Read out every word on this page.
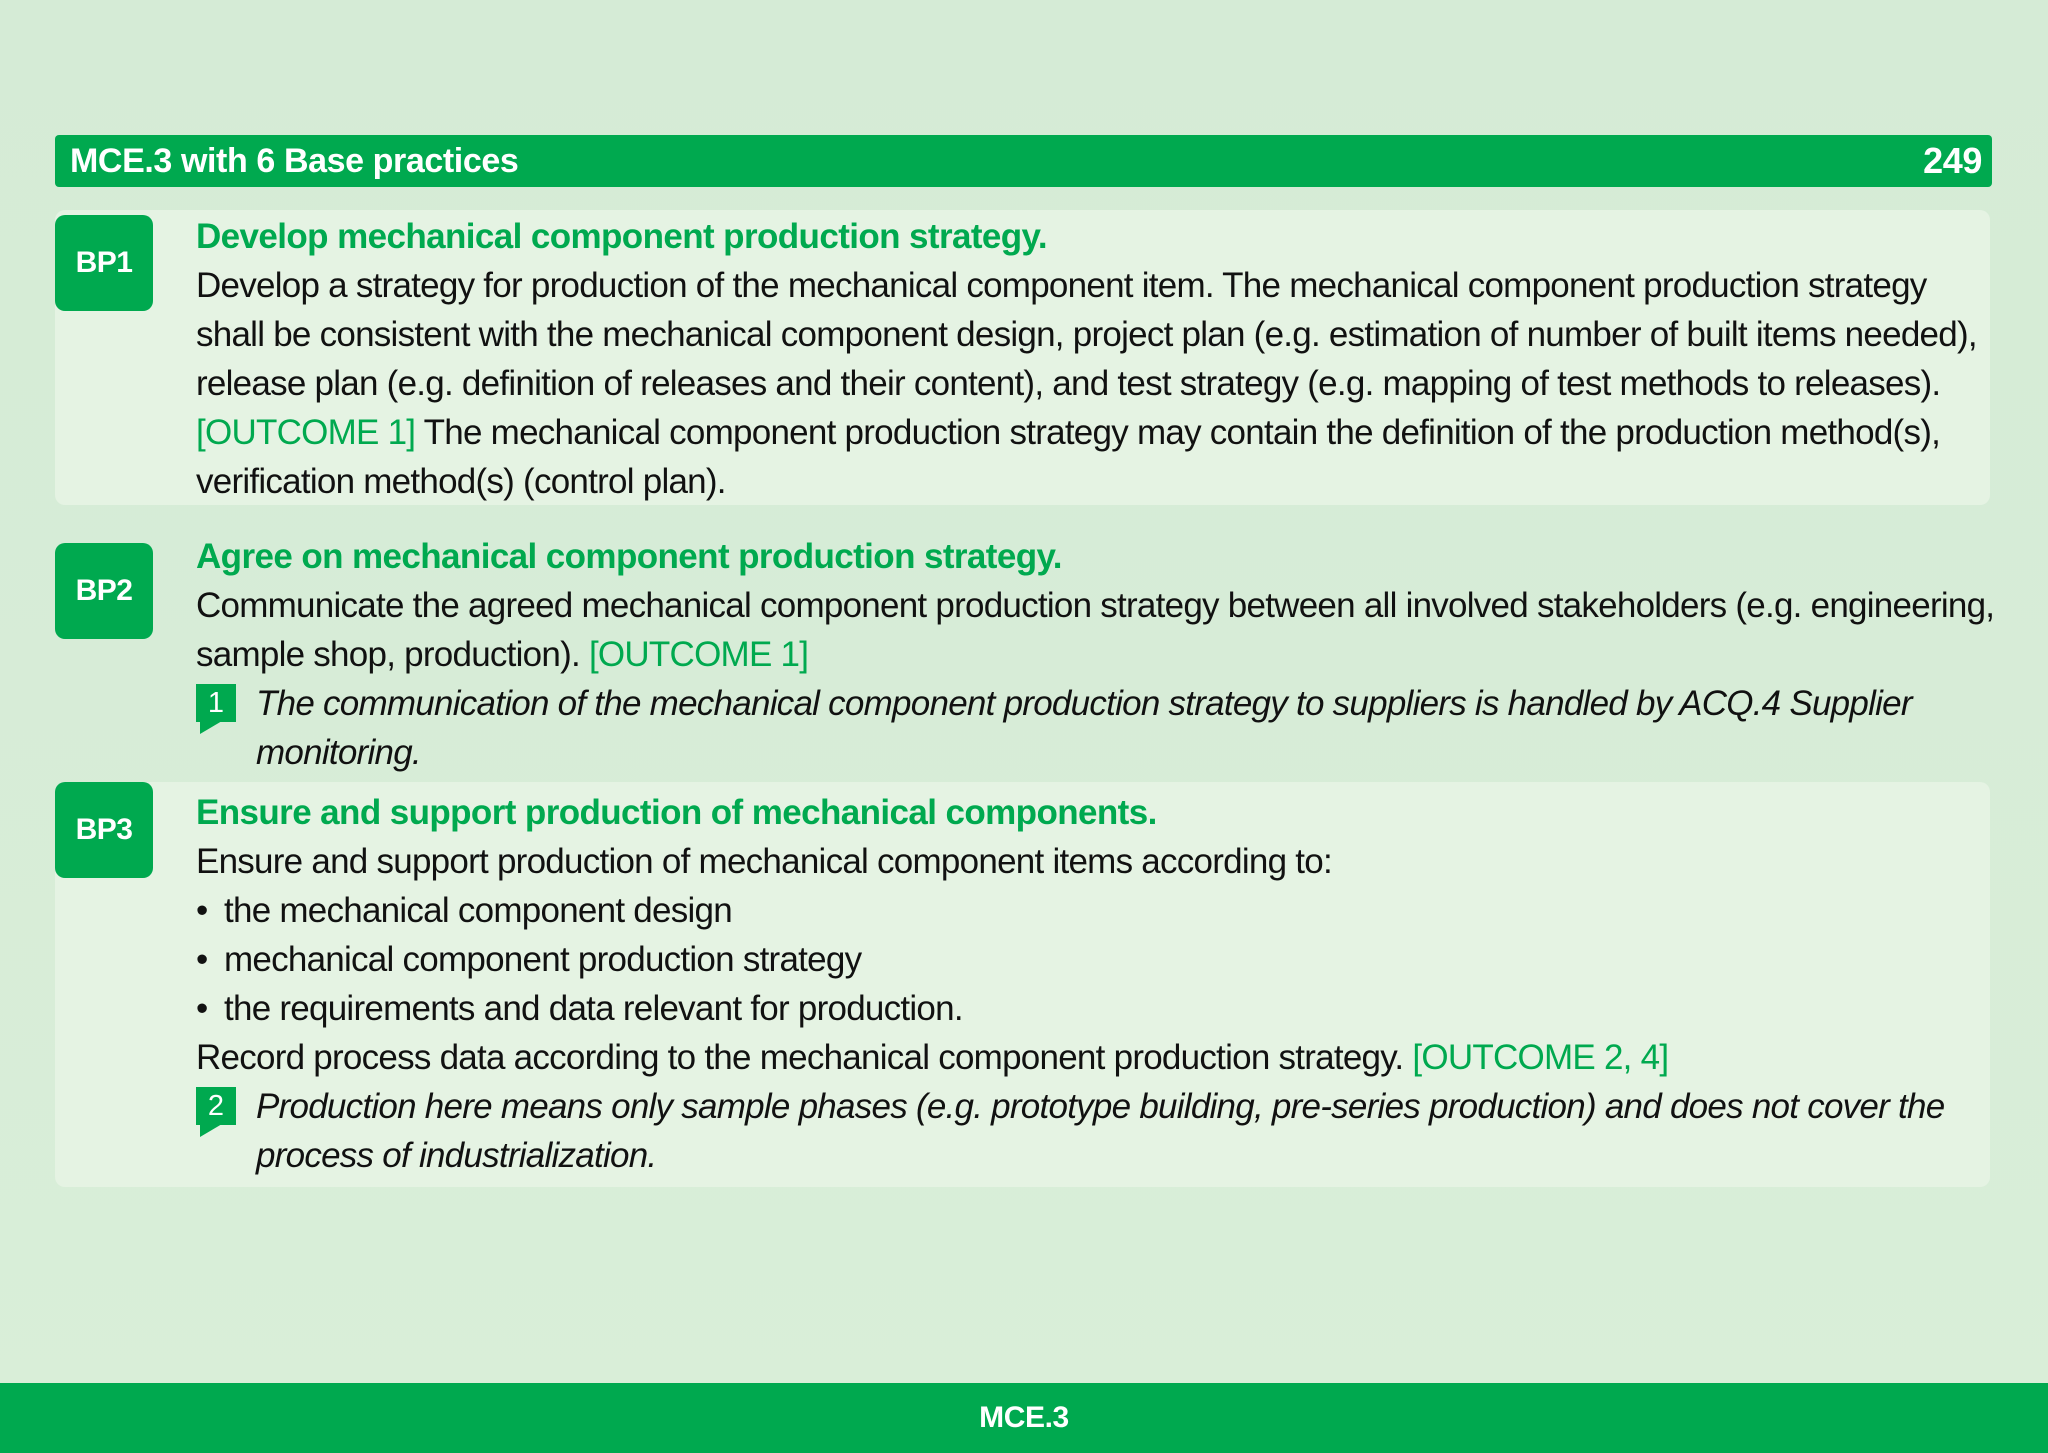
MCE.3 with 6 Base practices	249
BP1
Develop mechanical component production strategy.
Develop a strategy for production of the mechanical component item. The mechanical component production strategy
shall be consistent with the mechanical component design, project plan (e.g. estimation of number of built items needed),
release plan (e.g. definition of releases and their content), and test strategy (e.g. mapping of test methods to releases).
[OUTCOME 1] The mechanical component production strategy may contain the definition of the production method(s),
verification method(s) (control plan).
BP2
Agree on mechanical component production strategy.
Communicate the agreed mechanical component production strategy between all involved stakeholders (e.g. engineering,
sample shop, production). [OUTCOME 1]
1 The communication of the mechanical component production strategy to suppliers is handled by ACQ.4 Supplier
monitoring.
BP3	Ensure and support production of mechanical components.
Ensure and support production of mechanical component items according to:
• the mechanical component design
• mechanical component production strategy
• the requirements and data relevant for production.
Record process data according to the mechanical component production strategy. [OUTCOME 2, 4]
2 Production here means only sample phases (e.g. prototype building, pre-series production) and does not cover the
process of industrialization.
MCE.3
